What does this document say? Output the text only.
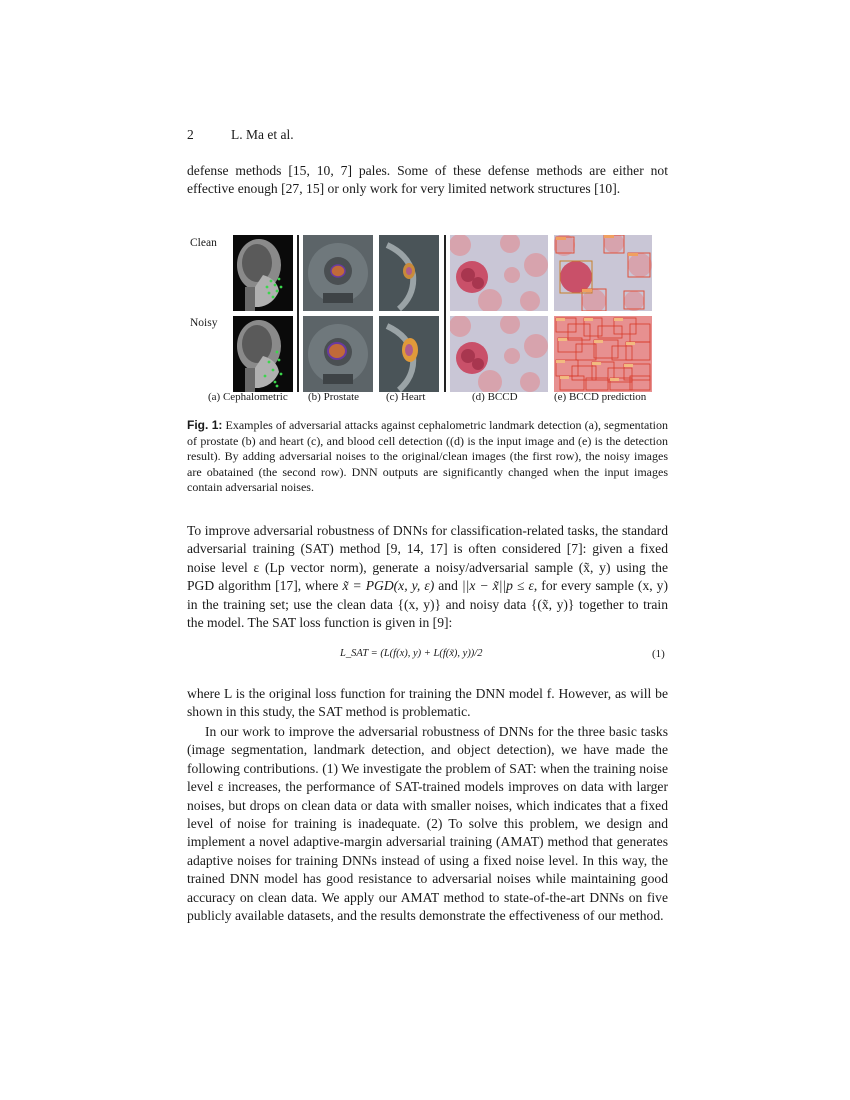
2	L. Ma et al.

defense methods [15, 10, 7] pales. Some of these defense methods are either not effective enough [27, 15] or only work for very limited network structures [10].

Clean
Noisy
(a) Cephalometric (b) Prostate (c) Heart	(d) BCCD	(e) BCCD prediction

Fig. 1: Examples of adversarial attacks against cephalometric landmark detection (a), segmentation of prostate (b) and heart (c), and blood cell detection ((d) is the input image and (e) is the detection result). By adding adversarial noises to the original/clean images (the first row), the noisy images are obatained (the second row). DNN outputs are significantly changed when the input images contain adversarial noises.

To improve adversarial robustness of DNNs for classification-related tasks, the standard adversarial training (SAT) method [9, 14, 17] is often considered [7]: given a fixed noise level ε (Lp vector norm), generate a noisy/adversarial sample (x̃, y) using the PGD algorithm [17], where x̃ = PGD(x, y, ε) and ||x − x̃||p ≤ ε, for every sample (x, y) in the training set; use the clean data {(x, y)} and noisy data {(x̃, y)} together to train the model. The SAT loss function is given in [9]:

L_SAT = (L(f(x), y) + L(f(x̃), y))/2	(1)

where L is the original loss function for training the DNN model f. However, as will be shown in this study, the SAT method is problematic.

In our work to improve the adversarial robustness of DNNs for the three basic tasks (image segmentation, landmark detection, and object detection), we have made the following contributions. (1) We investigate the problem of SAT: when the training noise level ε increases, the performance of SAT-trained models improves on data with larger noises, but drops on clean data or data with smaller noises, which indicates that a fixed level of noise for training is inadequate. (2) To solve this problem, we design and implement a novel adaptive-margin adversarial training (AMAT) method that generates adaptive noises for training DNNs instead of using a fixed noise level. In this way, the trained DNN model has good resistance to adversarial noises while maintaining good accuracy on clean data. We apply our AMAT method to state-of-the-art DNNs on five publicly available datasets, and the results demonstrate the effectiveness of our method.
